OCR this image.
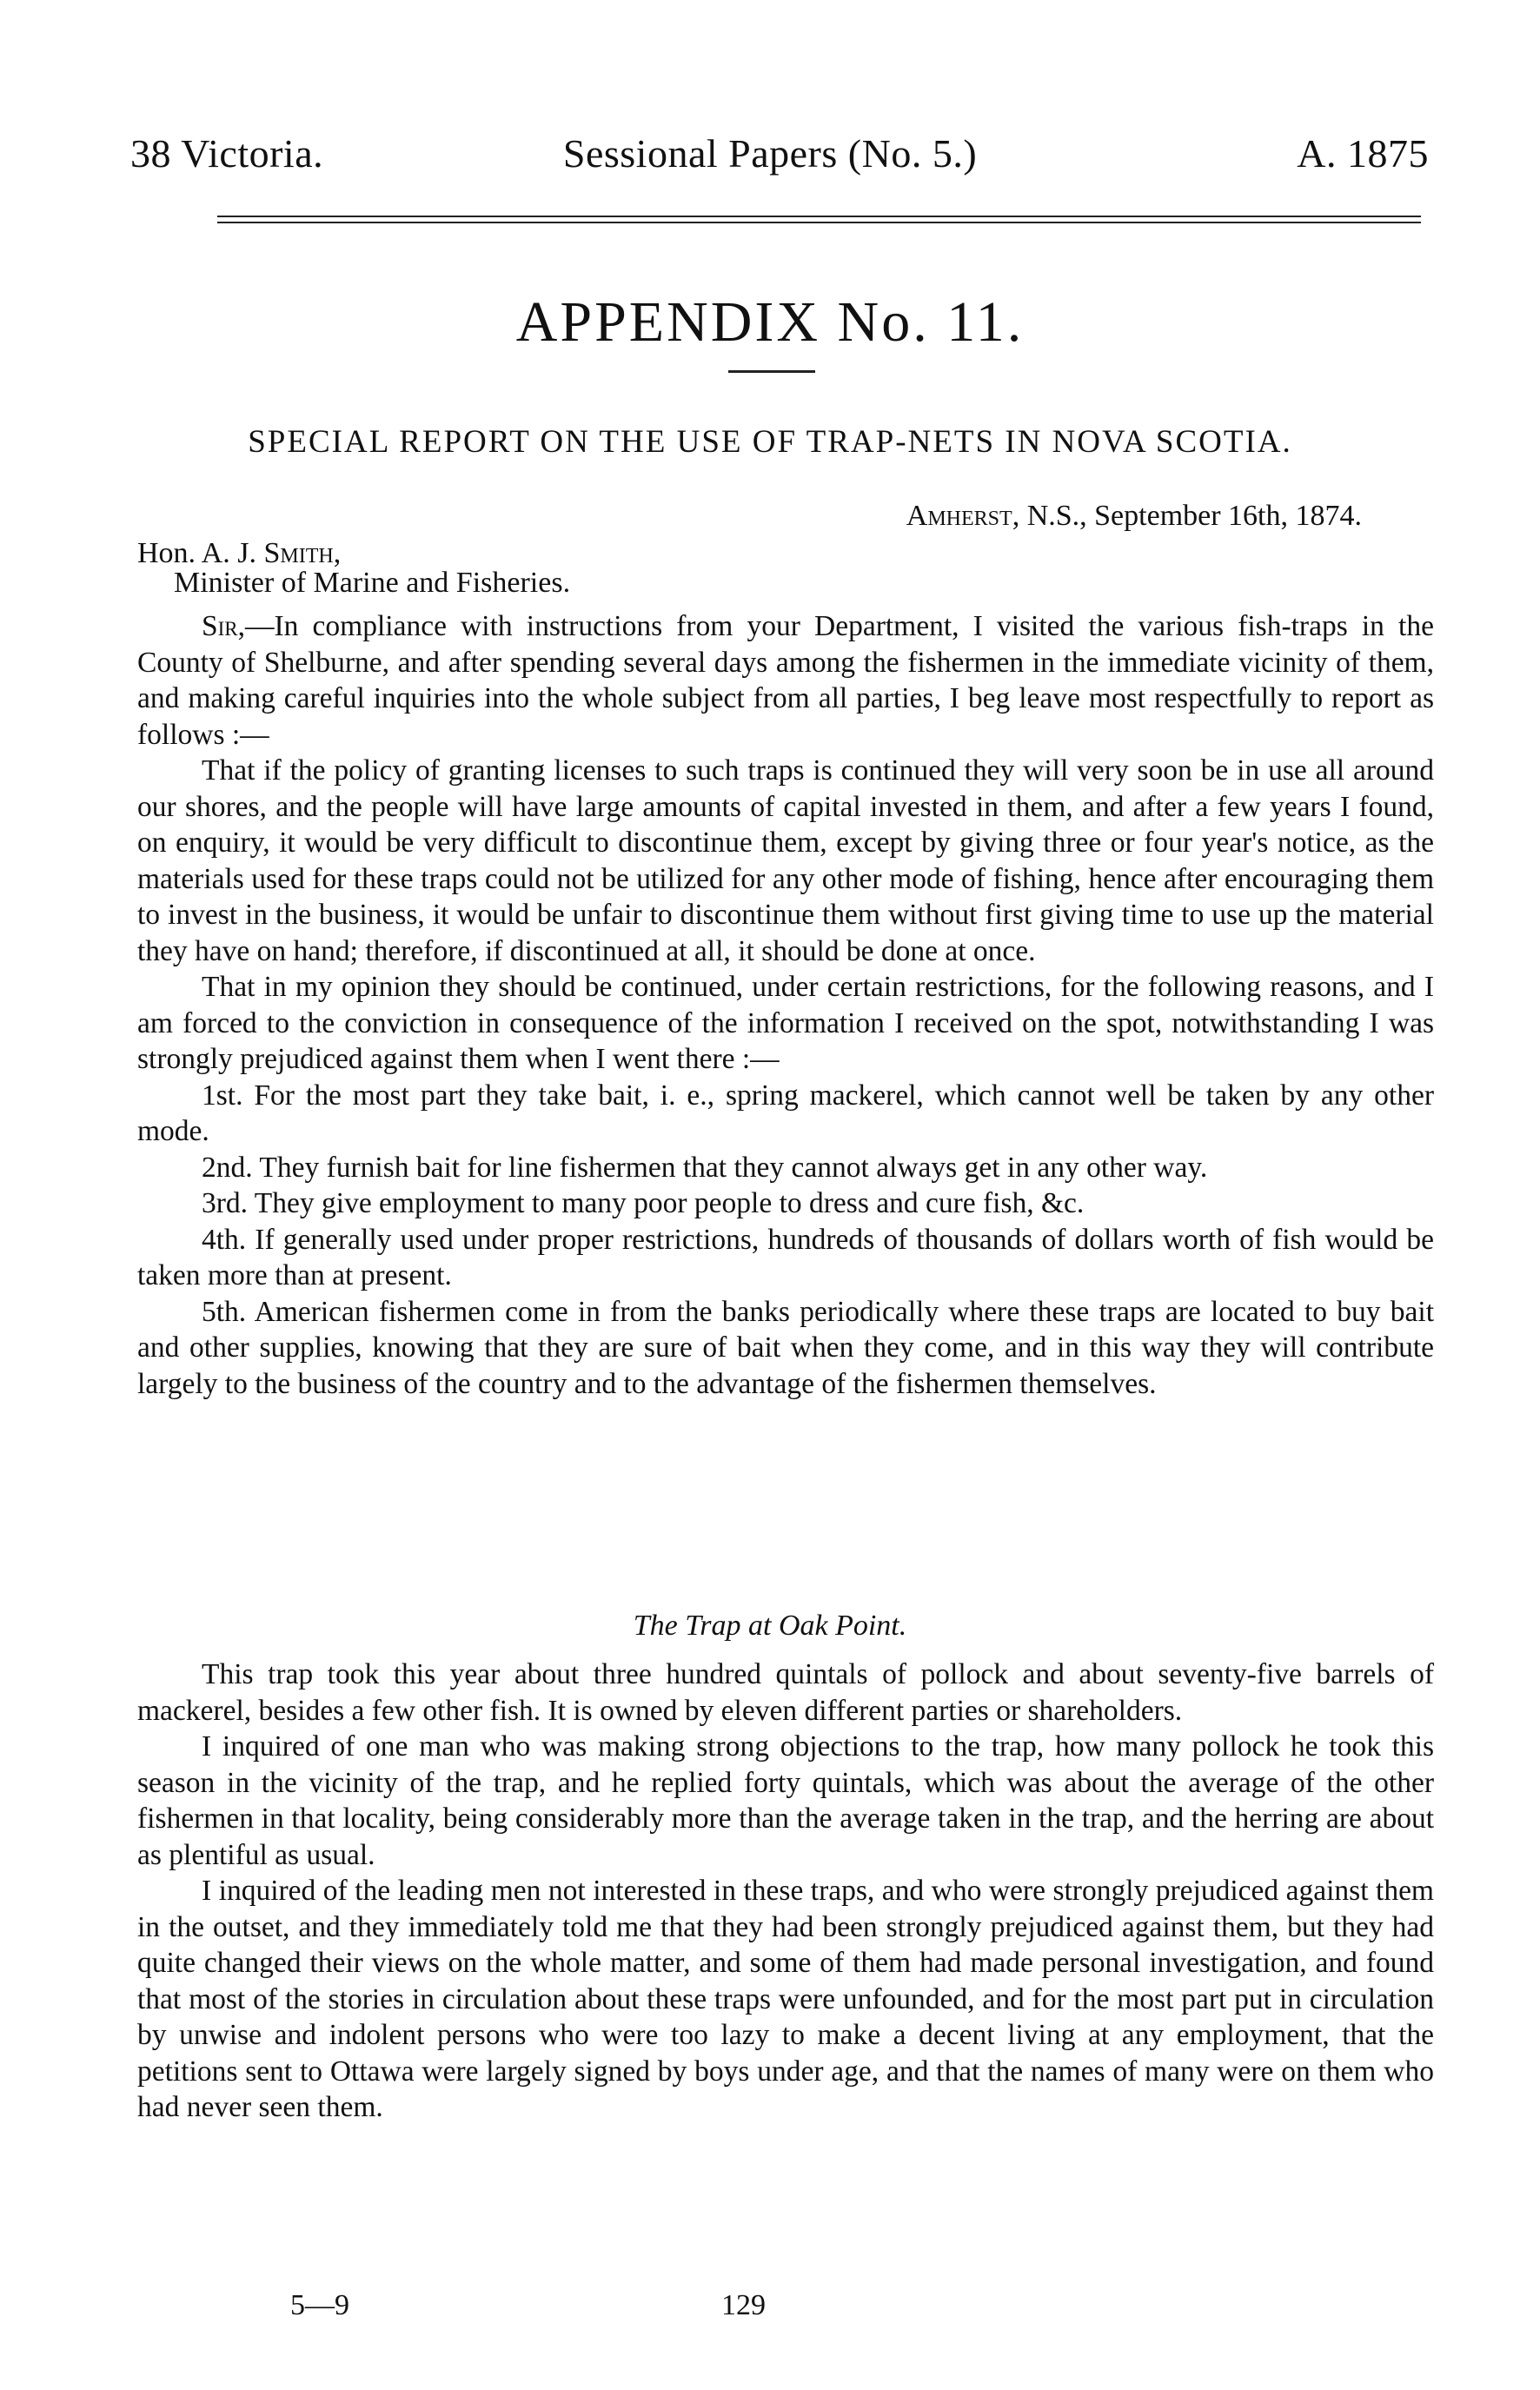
38 Victoria.	Sessional Papers (No. 5.)	A. 1875
APPENDIX No. 11.
SPECIAL REPORT ON THE USE OF TRAP-NETS IN NOVA SCOTIA.
Amherst, N.S., September 16th, 1874.
Hon. A. J. Smith,
Minister of Marine and Fisheries.

Sir,—In compliance with instructions from your Department, I visited the various fish-traps in the County of Shelburne, and after spending several days among the fishermen in the immediate vicinity of them, and making careful inquiries into the whole subject from all parties, I beg leave most respectfully to report as follows :—

That if the policy of granting licenses to such traps is continued they will very soon be in use all around our shores, and the people will have large amounts of capital invested in them, and after a few years I found, on enquiry, it would be very difficult to discontinue them, except by giving three or four year's notice, as the materials used for these traps could not be utilized for any other mode of fishing, hence after encouraging them to invest in the business, it would be unfair to discontinue them without first giving time to use up the material they have on hand; therefore, if discontinued at all, it should be done at once.

That in my opinion they should be continued, under certain restrictions, for the following reasons, and I am forced to the conviction in consequence of the information I received on the spot, notwithstanding I was strongly prejudiced against them when I went there :—

1st. For the most part they take bait, i. e., spring mackerel, which cannot well be taken by any other mode.

2nd. They furnish bait for line fishermen that they cannot always get in any other way.

3rd. They give employment to many poor people to dress and cure fish, &c.

4th. If generally used under proper restrictions, hundreds of thousands of dollars worth of fish would be taken more than at present.

5th. American fishermen come in from the banks periodically where these traps are located to buy bait and other supplies, knowing that they are sure of bait when they come, and in this way they will contribute largely to the business of the country and to the advantage of the fishermen themselves.

The Trap at Oak Point.

This trap took this year about three hundred quintals of pollock and about seventy-five barrels of mackerel, besides a few other fish. It is owned by eleven different parties or shareholders.

I inquired of one man who was making strong objections to the trap, how many pollock he took this season in the vicinity of the trap, and he replied forty quintals, which was about the average of the other fishermen in that locality, being considerably more than the average taken in the trap, and the herring are about as plentiful as usual.

I inquired of the leading men not interested in these traps, and who were strongly prejudiced against them in the outset, and they immediately told me that they had been strongly prejudiced against them, but they had quite changed their views on the whole matter, and some of them had made personal investigation, and found that most of the stories in circulation about these traps were unfounded, and for the most part put in circulation by unwise and indolent persons who were too lazy to make a decent living at any employment, that the petitions sent to Ottawa were largely signed by boys under age, and that the names of many were on them who had never seen them.

5—9	129
